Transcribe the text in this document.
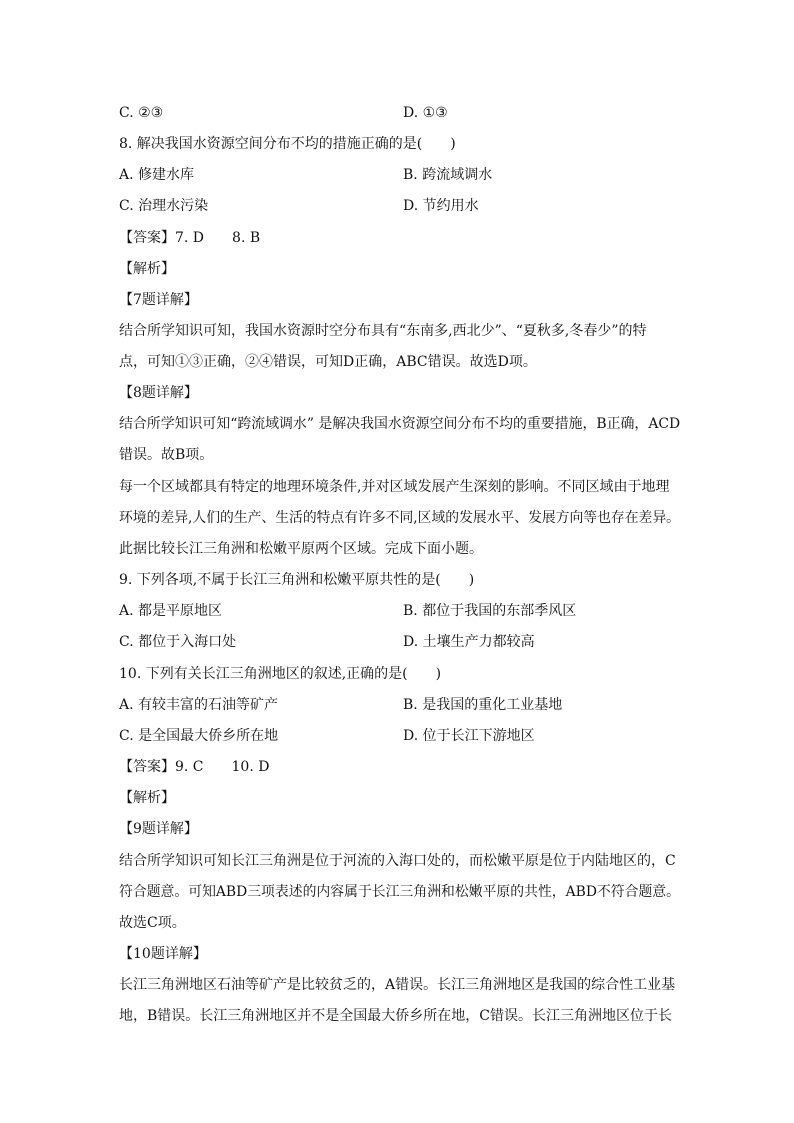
C. ②③	D. ①③
8. 解决我国水资源空间分布不均的措施正确的是(　　)
A. 修建水库	B. 跨流域调水
C. 治理水污染	D. 节约用水
【答案】7. D　　8. B
【解析】
【7题详解】
结合所学知识可知，我国水资源时空分布具有“东南多,西北少”、“夏秋多,冬春少”的特
点，可知①③正确，②④错误，可知D正确，ABC错误。故选D项。
【8题详解】
结合所学知识可知“跨流域调水” 是解决我国水资源空间分布不均的重要措施，B正确，ACD
错误。故B项。
每一个区域都具有特定的地理环境条件,并对区域发展产生深刻的影响。不同区域由于地理
环境的差异,人们的生产、生活的特点有许多不同,区域的发展水平、发展方向等也存在差异。
此据比较长江三角洲和松嫩平原两个区域。完成下面小题。
9. 下列各项,不属于长江三角洲和松嫩平原共性的是(　　)
A. 都是平原地区	B. 都位于我国的东部季风区
C. 都位于入海口处	D. 土壤生产力都较高
10. 下列有关长江三角洲地区的叙述,正确的是(　　)
A. 有较丰富的石油等矿产	B. 是我国的重化工业基地
C. 是全国最大侨乡所在地	D. 位于长江下游地区
【答案】9. C　　10. D
【解析】
【9题详解】
结合所学知识可知长江三角洲是位于河流的入海口处的，而松嫩平原是位于内陆地区的，C
符合题意。可知ABD三项表述的内容属于长江三角洲和松嫩平原的共性，ABD不符合题意。
故选C项。
【10题详解】
长江三角洲地区石油等矿产是比较贫乏的，A错误。长江三角洲地区是我国的综合性工业基
地，B错误。长江三角洲地区并不是全国最大侨乡所在地，C错误。长江三角洲地区位于长
